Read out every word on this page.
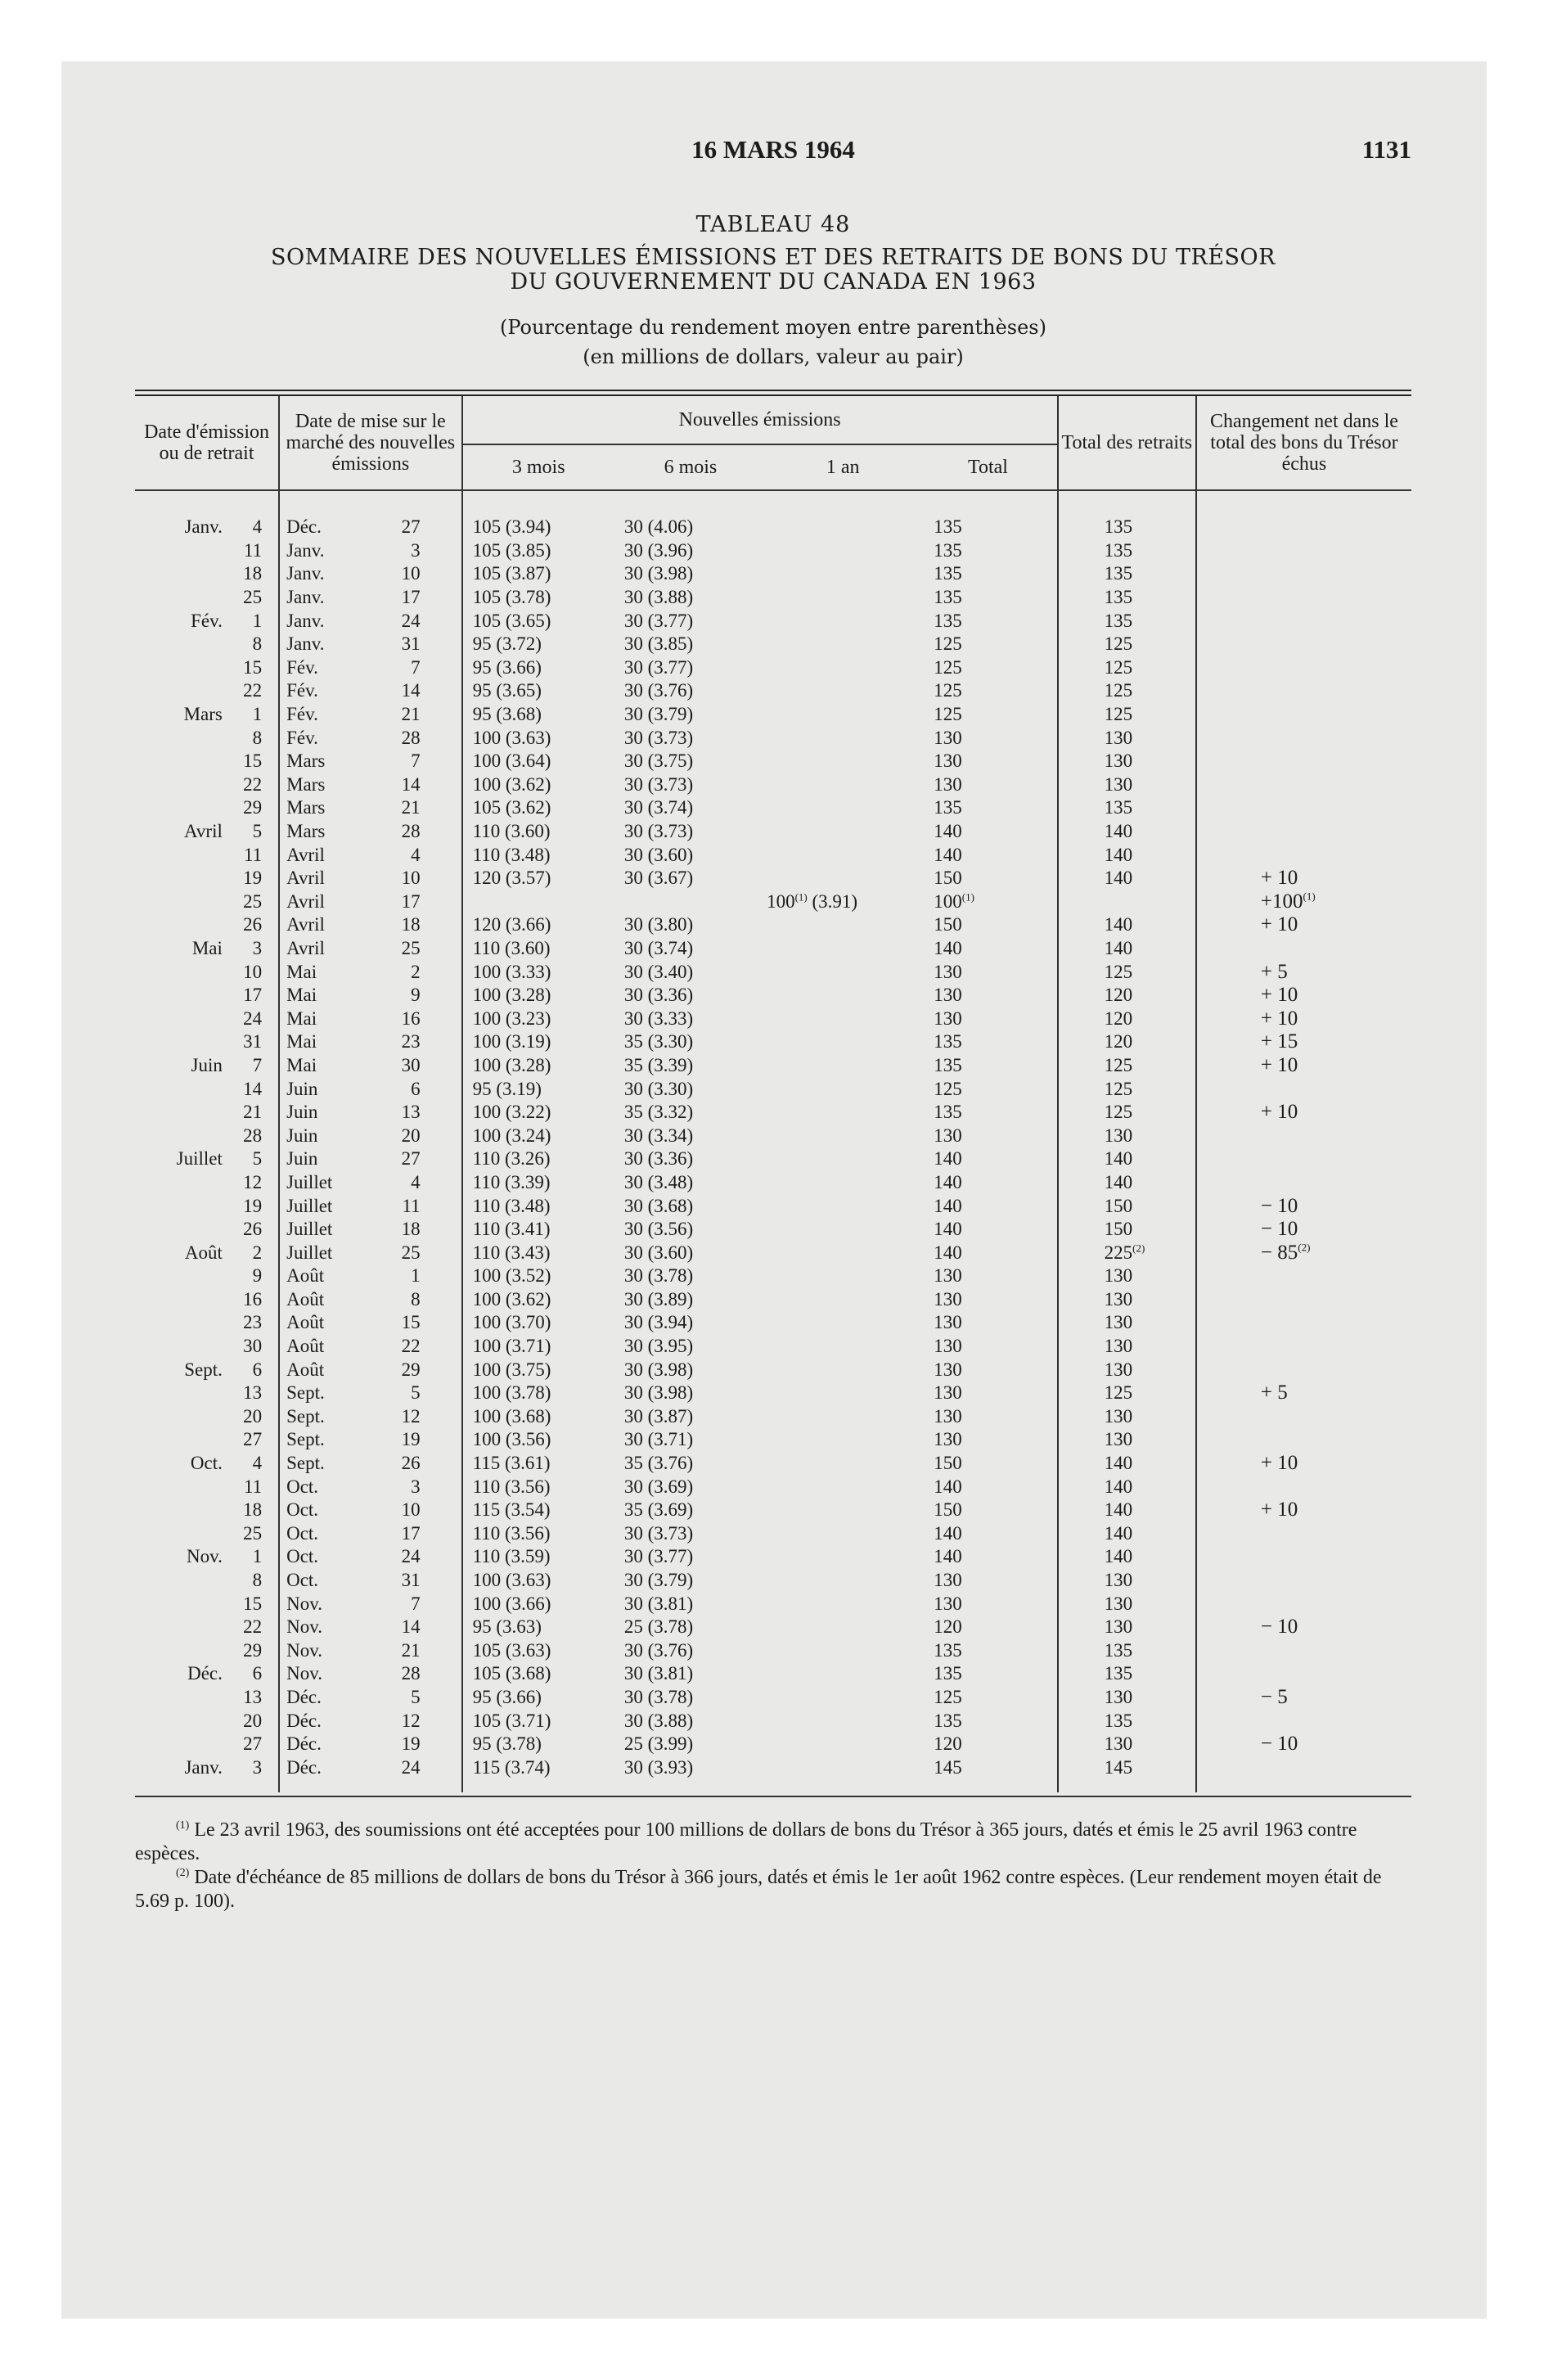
16 MARS 1964	1131
TABLEAU 48
SOMMAIRE DES NOUVELLES ÉMISSIONS ET DES RETRAITS DE BONS DU TRÉSOR
DU GOUVERNEMENT DU CANADA EN 1963
(Pourcentage du rendement moyen entre parenthèses)
(en millions de dollars, valeur au pair)
Date d'émission ou de retrait		Date de mise sur le marché des nouvelles émissions		Nouvelles émissions				Total des retraits	Changement net dans le total des bons du Trésor échus
				3 mois	6 mois	1 an	Total		

Janv.	4	Déc.	27	105 (3.94)	30 (4.06)		135	135	
	11	Janv.	3	105 (3.85)	30 (3.96)		135	135	
	18	Janv.	10	105 (3.87)	30 (3.98)		135	135	
	25	Janv.	17	105 (3.78)	30 (3.88)		135	135	
Fév.	1	Janv.	24	105 (3.65)	30 (3.77)		135	135	
	8	Janv.	31	95 (3.72)	30 (3.85)		125	125	
	15	Fév.	7	95 (3.66)	30 (3.77)		125	125	
	22	Fév.	14	95 (3.65)	30 (3.76)		125	125	
Mars	1	Fév.	21	95 (3.68)	30 (3.79)		125	125	
	8	Fév.	28	100 (3.63)	30 (3.73)		130	130	
	15	Mars	7	100 (3.64)	30 (3.75)		130	130	
	22	Mars	14	100 (3.62)	30 (3.73)		130	130	
	29	Mars	21	105 (3.62)	30 (3.74)		135	135	
Avril	5	Mars	28	110 (3.60)	30 (3.73)		140	140	
	11	Avril	4	110 (3.48)	30 (3.60)		140	140	
	19	Avril	10	120 (3.57)	30 (3.67)		150	140	+ 10
	25	Avril	17			100$^{(1)}$ (3.91)	100$^{(1)}$		$+100^{(1)}$
	26	Avril	18	120 (3.66)	30 (3.80)		150	140	+ 10
Mai	3	Avril	25	110 (3.60)	30 (3.74)		140	140	
	10	Mai	2	100 (3.33)	30 (3.40)		130	125	+ 5
	17	Mai	9	100 (3.28)	30 (3.36)		130	120	+ 10
	24	Mai	16	100 (3.23)	30 (3.33)		130	120	+ 10
	31	Mai	23	100 (3.19)	35 (3.30)		135	120	+ 15
Juin	7	Mai	30	100 (3.28)	35 (3.39)		135	125	+ 10
	14	Juin	6	95 (3.19)	30 (3.30)		125	125	
	21	Juin	13	100 (3.22)	35 (3.32)		135	125	+ 10
	28	Juin	20	100 (3.24)	30 (3.34)		130	130	
Juillet	5	Juin	27	110 (3.26)	30 (3.36)		140	140	
	12	Juillet	4	110 (3.39)	30 (3.48)		140	140	
	19	Juillet	11	110 (3.48)	30 (3.68)		140	150	− 10
	26	Juillet	18	110 (3.41)	30 (3.56)		140	150	− 10
Août	2	Juillet	25	110 (3.43)	30 (3.60)		140	$225^{(2)}$	− $85^{(2)}$
	9	Août	1	100 (3.52)	30 (3.78)		130	130	
	16	Août	8	100 (3.62)	30 (3.89)		130	130	
	23	Août	15	100 (3.70)	30 (3.94)		130	130	
	30	Août	22	100 (3.71)	30 (3.95)		130	130	
Sept.	6	Août	29	100 (3.75)	30 (3.98)		130	130	
	13	Sept.	5	100 (3.78)	30 (3.98)		130	125	+ 5
	20	Sept.	12	100 (3.68)	30 (3.87)		130	130	
	27	Sept.	19	100 (3.56)	30 (3.71)		130	130	
Oct.	4	Sept.	26	115 (3.61)	35 (3.76)		150	140	+ 10
	11	Oct.	3	110 (3.56)	30 (3.69)		140	140	
	18	Oct.	10	115 (3.54)	35 (3.69)		150	140	+ 10
	25	Oct.	17	110 (3.56)	30 (3.73)		140	140	
Nov.	1	Oct.	24	110 (3.59)	30 (3.77)		140	140	
	8	Oct.	31	100 (3.63)	30 (3.79)		130	130	
	15	Nov.	7	100 (3.66)	30 (3.81)		130	130	
	22	Nov.	14	95 (3.63)	25 (3.78)		120	130	− 10
	29	Nov.	21	105 (3.63)	30 (3.76)		135	135	
Déc.	6	Nov.	28	105 (3.68)	30 (3.81)		135	135	
	13	Déc.	5	95 (3.66)	30 (3.78)		125	130	− 5
	20	Déc.	12	105 (3.71)	30 (3.88)		135	135	
	27	Déc.	19	95 (3.78)	25 (3.99)		120	130	− 10
Janv.	3	Déc.	24	115 (3.74)	30 (3.93)		145	145	

$^{(1)}$ Le 23 avril 1963, des soumissions ont été acceptées pour 100 millions de dollars de bons du Trésor à 365 jours, datés et émis le 25 avril 1963 contre espèces.

$^{(2)}$ Date d'échéance de 85 millions de dollars de bons du Trésor à 366 jours, datés et émis le 1er août 1962 contre espèces. (Leur rendement moyen était de 5.69 p. 100).
